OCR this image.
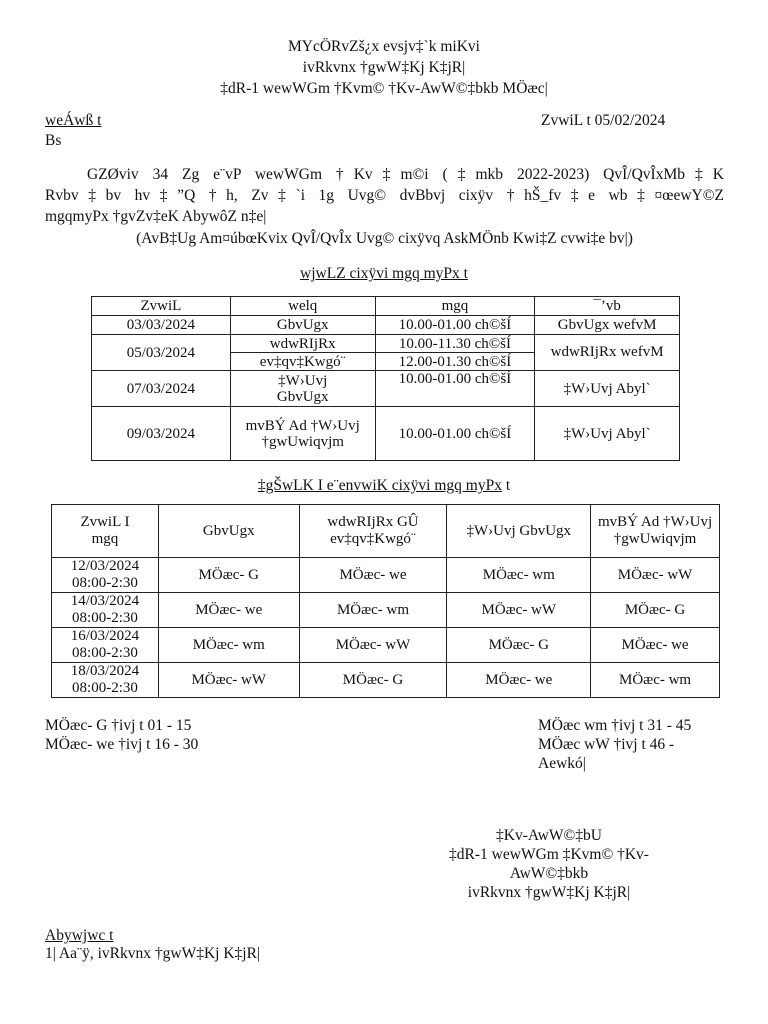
MYcÖRvZš¿x evsjv‡`k miKvi
ivRkvnx †gwW‡Kj K‡jR|
‡dR-1 wewWGm †Kvm© †Kv-AwW©‡bkb MÖæc|
weÁwß t	ZvwiL t 05/02/2024
Bs
GZØviv 34 Zg e¨vP wewWGm †Kv‡m©i (‡mkb 2022-2023) QvÎ/QvÎxMb‡K
Rvbv‡bv hv‡”Q †h, Zv‡`i 1g Uvg© dvBbvj cixÿv †hŠ_fv‡e wb‡¤œewY©Z
mgqmyPx †gvZv‡eK AbywôZ n‡e|
(AvB‡Ug Am¤úbœKvix QvÎ/QvÎx Uvg© cixÿvq AskMÖnb Kwi‡Z cvwi‡e bv|)
wjwLZ cixÿvi mgq myPx t
ZvwiL	welq	mgq	¯’vb
03/03/2024	GbvUgx	10.00-01.00 ch©šÍ	GbvUgx wefvM
05/03/2024	wdwRIjRx	10.00-11.30 ch©šÍ	wdwRIjRx wefvM
	ev‡qv‡Kwgó¨	12.00-01.30 ch©šÍ	
07/03/2024	‡W›Uvj GbvUgx	10.00-01.00 ch©šÍ	‡W›Uvj Abyl`
09/03/2024	mvBÝ Ad †W›Uvj †gwUwiqvjm	10.00-01.00 ch©šÍ	‡W›Uvj Abyl`
‡gŠwLK I e¨envwiK cixÿvi mgq myPx t
ZvwiL I mgq	GbvUgx	wdwRIjRx GÛ ev‡qv‡Kwgó¨	‡W›Uvj GbvUgx	mvBÝ Ad †W›Uvj †gwUwiqvjm

12/03/2024
08:00-2:30	MÖæc- G	MÖæc- we	MÖæc- wm	MÖæc- wW

14/03/2024
08:00-2:30	MÖæc- we	MÖæc- wm	MÖæc- wW	MÖæc- G

16/03/2024
08:00-2:30	MÖæc- wm	MÖæc- wW	MÖæc- G	MÖæc- we

18/03/2024
08:00-2:30	MÖæc- wW	MÖæc- G	MÖæc- we	MÖæc- wm
MÖæc- G †ivj t 01 - 15
MÖæc- we †ivj t 16 - 30
MÖæc wm †ivj t 31 - 45
MÖæc wW †ivj t 46 -
Aewkó|
‡Kv-AwW©‡bU
‡dR-1 wewWGm ‡Kvm© †Kv-
AwW©‡bkb
ivRkvnx †gwW‡Kj K‡jR|
Abywjwc t
1| Aa¨ÿ, ivRkvnx †gwW‡Kj K‡jR|
